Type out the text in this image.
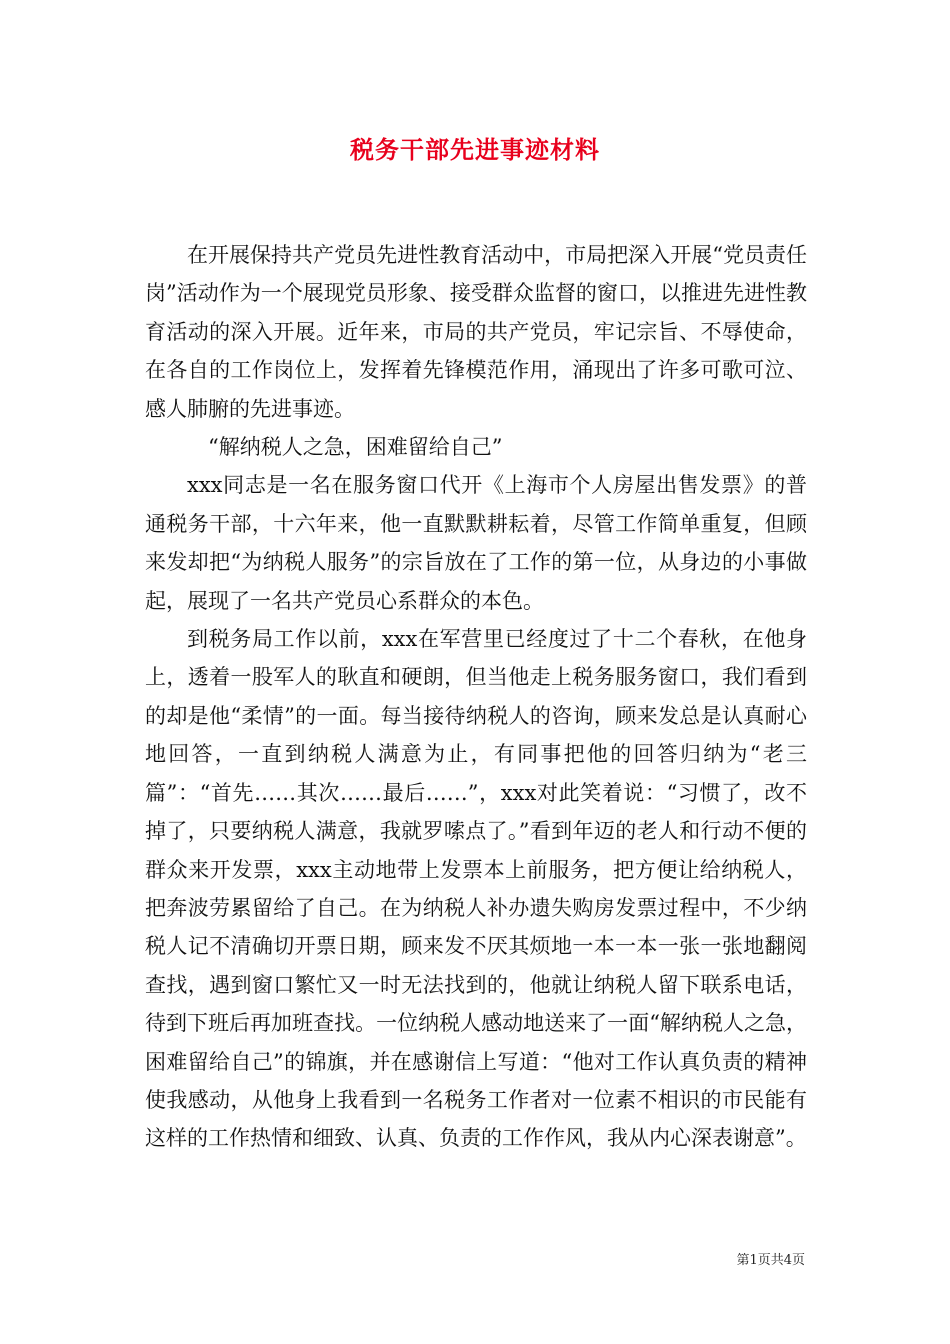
税务干部先进事迹材料

在开展保持共产党员先进性教育活动中，市局把深入开展“党员责任岗”活动作为一个展现党员形象、接受群众监督的窗口，以推进先进性教育活动的深入开展。近年来，市局的共产党员，牢记宗旨、不辱使命，在各自的工作岗位上，发挥着先锋模范作用，涌现出了许多可歌可泣、感人肺腑的先进事迹。

“解纳税人之急，困难留给自己”

xxx同志是一名在服务窗口代开《上海市个人房屋出售发票》的普通税务干部，十六年来，他一直默默耕耘着，尽管工作简单重复，但顾来发却把“为纳税人服务”的宗旨放在了工作的第一位，从身边的小事做起，展现了一名共产党员心系群众的本色。

到税务局工作以前，xxx在军营里已经度过了十二个春秋，在他身上，透着一股军人的耿直和硬朗，但当他走上税务服务窗口，我们看到的却是他“柔情”的一面。每当接待纳税人的咨询，顾来发总是认真耐心地回答，一直到纳税人满意为止，有同事把他的回答归纳为“老三篇”：“首先……其次……最后……”，xxx对此笑着说：“习惯了，改不掉了，只要纳税人满意，我就罗嗦点了。”看到年迈的老人和行动不便的群众来开发票，xxx主动地带上发票本上前服务，把方便让给纳税人，把奔波劳累留给了自己。在为纳税人补办遗失购房发票过程中，不少纳税人记不清确切开票日期，顾来发不厌其烦地一本一本一张一张地翻阅查找，遇到窗口繁忙又一时无法找到的，他就让纳税人留下联系电话，待到下班后再加班查找。一位纳税人感动地送来了一面“解纳税人之急，困难留给自己”的锦旗，并在感谢信上写道：“他对工作认真负责的精神使我感动，从他身上我看到一名税务工作者对一位素不相识的市民能有这样的工作热情和细致、认真、负责的工作作风，我从内心深表谢意”。

第1页共4页
